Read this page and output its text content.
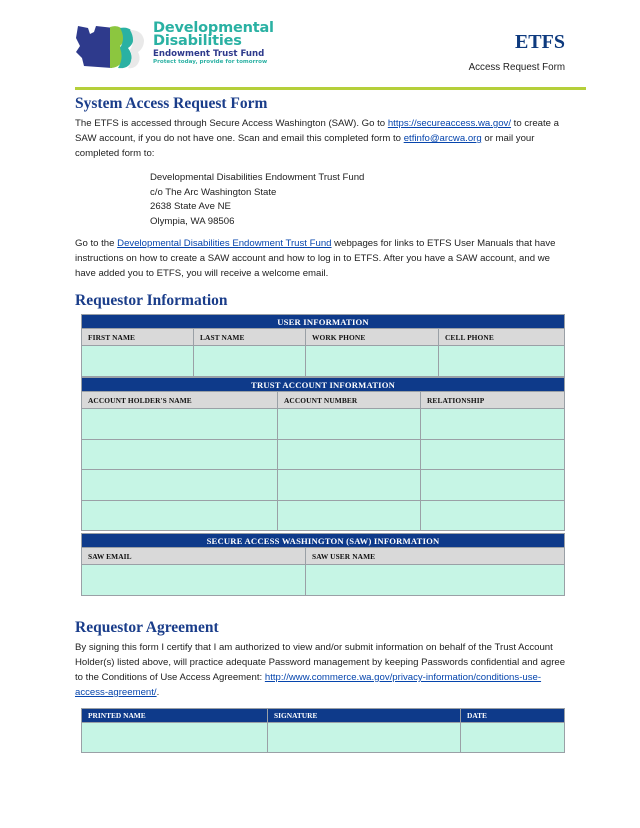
Developmental
Disabilities
Endowment Trust Fund
Protect today, provide for tomorrow
ETFS
Access Request Form
System Access Request Form
The ETFS is accessed through Secure Access Washington (SAW). Go to https://secureaccess.wa.gov/ to create a SAW account, if you do not have one. Scan and email this completed form to etfinfo@arcwa.org or mail your completed form to:
Developmental Disabilities Endowment Trust Fund
c/o The Arc Washington State
2638 State Ave NE
Olympia, WA 98506
Go to the Developmental Disabilities Endowment Trust Fund webpages for links to ETFS User Manuals that have instructions on how to create a SAW account and how to log in to ETFS. After you have a SAW account, and we have added you to ETFS, you will receive a welcome email.
Requestor Information
USER INFORMATION			
FIRST NAME	LAST NAME	WORK PHONE	CELL PHONE

TRUST ACCOUNT INFORMATION		
ACCOUNT HOLDER'S NAME	ACCOUNT NUMBER	RELATIONSHIP

SECURE ACCESS WASHINGTON (SAW) INFORMATION	
SAW EMAIL	SAW USER NAME

Requestor Agreement
By signing this form I certify that I am authorized to view and/or submit information on behalf of the Trust Account Holder(s) listed above, will practice adequate Password management by keeping Passwords confidential and agree to the Conditions of Use Access Agreement: http://www.commerce.wa.gov/privacy-information/conditions-use-access-agreement/.
PRINTED NAME	SIGNATURE	DATE
